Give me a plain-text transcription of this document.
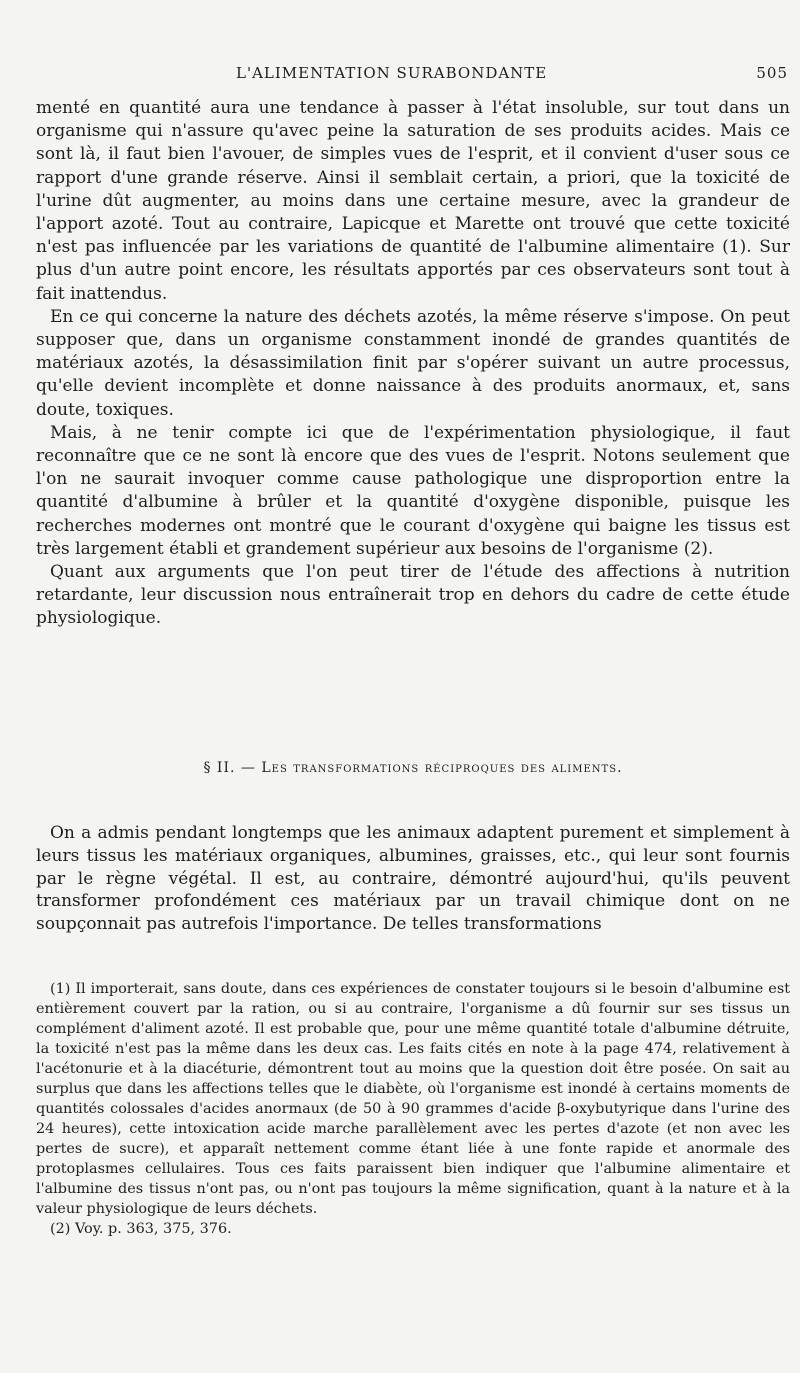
L'ALIMENTATION SURABONDANTE	505

menté en quantité aura une tendance à passer à l'état insoluble, sur tout dans un organisme qui n'assure qu'avec peine la saturation de ses produits acides. Mais ce sont là, il faut bien l'avouer, de simples vues de l'esprit, et il convient d'user sous ce rapport d'une grande réserve. Ainsi il semblait certain, a priori, que la toxicité de l'urine dût augmenter, au moins dans une certaine mesure, avec la grandeur de l'apport azoté. Tout au contraire, Lapicque et Marette ont trouvé que cette toxicité n'est pas influencée par les variations de quantité de l'albumine alimentaire (1). Sur plus d'un autre point encore, les résultats apportés par ces observateurs sont tout à fait inattendus.

En ce qui concerne la nature des déchets azotés, la même réserve s'impose. On peut supposer que, dans un organisme constamment inondé de grandes quantités de matériaux azotés, la désassimilation finit par s'opérer suivant un autre processus, qu'elle devient incomplète et donne naissance à des produits anormaux, et, sans doute, toxiques.

Mais, à ne tenir compte ici que de l'expérimentation physiologique, il faut reconnaître que ce ne sont là encore que des vues de l'esprit. Notons seulement que l'on ne saurait invoquer comme cause pathologique une disproportion entre la quantité d'albumine à brûler et la quantité d'oxygène disponible, puisque les recherches modernes ont montré que le courant d'oxygène qui baigne les tissus est très largement établi et grandement supérieur aux besoins de l'organisme (2).

Quant aux arguments que l'on peut tirer de l'étude des affections à nutrition retardante, leur discussion nous entraînerait trop en dehors du cadre de cette étude physiologique.

§ II. — Les transformations réciproques des aliments.

On a admis pendant longtemps que les animaux adaptent purement et simplement à leurs tissus les matériaux organiques, albumines, graisses, etc., qui leur sont fournis par le règne végétal. Il est, au contraire, démontré aujourd'hui, qu'ils peuvent transformer profondément ces matériaux par un travail chimique dont on ne soupçonnait pas autrefois l'importance. De telles transformations

(1) Il importerait, sans doute, dans ces expériences de constater toujours si le besoin d'albumine est entièrement couvert par la ration, ou si au contraire, l'organisme a dû fournir sur ses tissus un complément d'aliment azoté. Il est probable que, pour une même quantité totale d'albumine détruite, la toxicité n'est pas la même dans les deux cas. Les faits cités en note à la page 474, relativement à l'acétonurie et à la diacéturie, démontrent tout au moins que la question doit être posée. On sait au surplus que dans les affections telles que le diabète, où l'organisme est inondé à certains moments de quantités colossales d'acides anormaux (de 50 à 90 grammes d'acide β-oxybutyrique dans l'urine des 24 heures), cette intoxication acide marche parallèlement avec les pertes d'azote (et non avec les pertes de sucre), et apparaît nettement comme étant liée à une fonte rapide et anormale des protoplasmes cellulaires. Tous ces faits paraissent bien indiquer que l'albumine alimentaire et l'albumine des tissus n'ont pas, ou n'ont pas toujours la même signification, quant à la nature et à la valeur physiologique de leurs déchets.

(2) Voy. p. 363, 375, 376.
